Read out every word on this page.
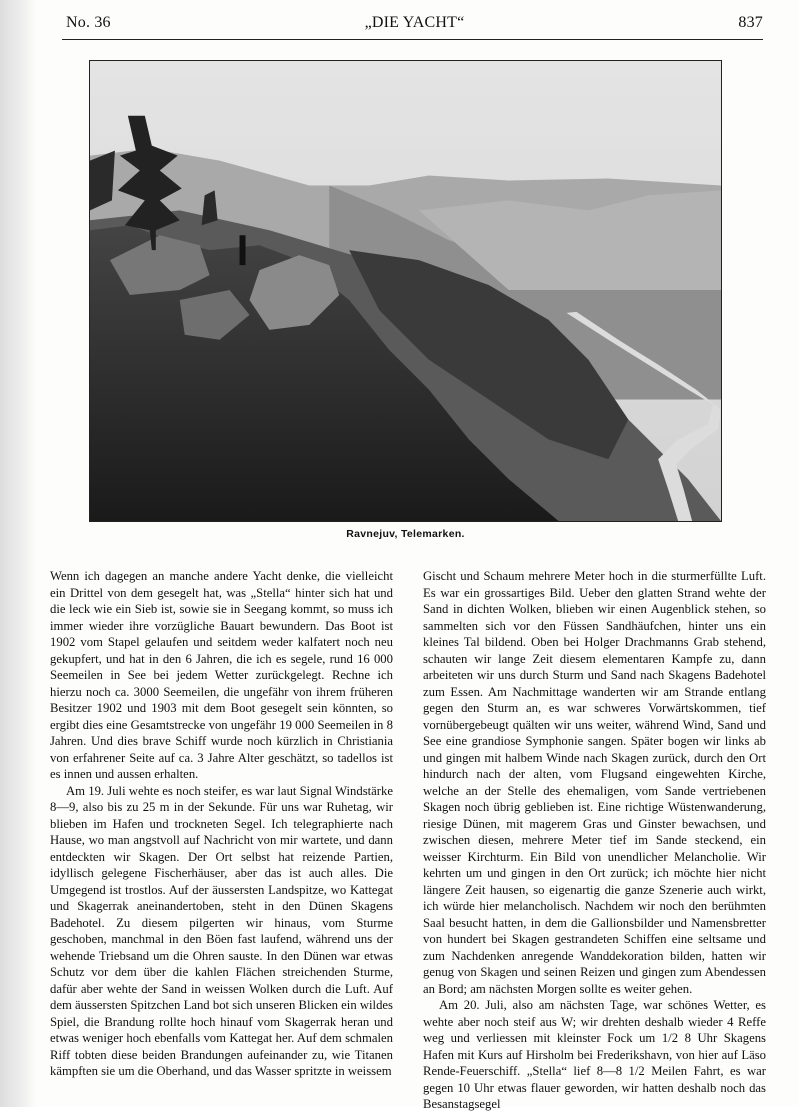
No. 36	„DIE YACHT“	837
Ravnejuv, Telemarken.

Wenn ich dagegen an manche andere Yacht denke, die vielleicht ein Drittel von dem gesegelt hat, was „Stella“ hinter sich hat und die leck wie ein Sieb ist, sowie sie in Seegang kommt, so muss ich immer wieder ihre vorzügliche Bauart bewundern. Das Boot ist 1902 vom Stapel gelaufen und seitdem weder kalfatert noch neu gekupfert, und hat in den 6 Jahren, die ich es segele, rund 16 000 Seemeilen in See bei jedem Wetter zurückgelegt. Rechne ich hierzu noch ca. 3000 Seemeilen, die ungefähr von ihrem früheren Besitzer 1902 und 1903 mit dem Boot gesegelt sein könnten, so ergibt dies eine Gesamtstrecke von ungefähr 19 000 Seemeilen in 8 Jahren. Und dies brave Schiff wurde noch kürzlich in Christiania von erfahrener Seite auf ca. 3 Jahre Alter geschätzt, so tadellos ist es innen und aussen erhalten.

Am 19. Juli wehte es noch steifer, es war laut Signal Windstärke 8—9, also bis zu 25 m in der Sekunde. Für uns war Ruhetag, wir blieben im Hafen und trockneten Segel. Ich telegraphierte nach Hause, wo man angstvoll auf Nachricht von mir wartete, und dann entdeckten wir Skagen. Der Ort selbst hat reizende Partien, idyllisch gelegene Fischerhäuser, aber das ist auch alles. Die Umgegend ist trostlos. Auf der äussersten Landspitze, wo Kattegat und Skagerrak aneinandertoben, steht in den Dünen Skagens Badehotel. Zu diesem pilgerten wir hinaus, vom Sturme geschoben, manchmal in den Böen fast laufend, während uns der wehende Triebsand um die Ohren sauste. In den Dünen war etwas Schutz vor dem über die kahlen Flächen streichenden Sturme, dafür aber wehte der Sand in weissen Wolken durch die Luft. Auf dem äussersten Spitzchen Land bot sich unseren Blicken ein wildes Spiel, die Brandung rollte hoch hinauf vom Skagerrak heran und etwas weniger hoch ebenfalls vom Kattegat her. Auf dem schmalen Riff tobten diese beiden Brandungen aufeinander zu, wie Titanen kämpften sie um die Oberhand, und das Wasser spritzte in weissem

Gischt und Schaum mehrere Meter hoch in die sturmerfüllte Luft. Es war ein grossartiges Bild. Ueber den glatten Strand wehte der Sand in dichten Wolken, blieben wir einen Augenblick stehen, so sammelten sich vor den Füssen Sandhäufchen, hinter uns ein kleines Tal bildend. Oben bei Holger Drachmanns Grab stehend, schauten wir lange Zeit diesem elementaren Kampfe zu, dann arbeiteten wir uns durch Sturm und Sand nach Skagens Badehotel zum Essen. Am Nachmittage wanderten wir am Strande entlang gegen den Sturm an, es war schweres Vorwärtskommen, tief vornübergebeugt quälten wir uns weiter, während Wind, Sand und See eine grandiose Symphonie sangen. Später bogen wir links ab und gingen mit halbem Winde nach Skagen zurück, durch den Ort hindurch nach der alten, vom Flugsand eingewehten Kirche, welche an der Stelle des ehemaligen, vom Sande vertriebenen Skagen noch übrig geblieben ist. Eine richtige Wüstenwanderung, riesige Dünen, mit magerem Gras und Ginster bewachsen, und zwischen diesen, mehrere Meter tief im Sande steckend, ein weisser Kirchturm. Ein Bild von unendlicher Melancholie. Wir kehrten um und gingen in den Ort zurück; ich möchte hier nicht längere Zeit hausen, so eigenartig die ganze Szenerie auch wirkt, ich würde hier melancholisch. Nachdem wir noch den berühmten Saal besucht hatten, in dem die Gallionsbilder und Namensbretter von hundert bei Skagen gestrandeten Schiffen eine seltsame und zum Nachdenken anregende Wanddekoration bilden, hatten wir genug von Skagen und seinen Reizen und gingen zum Abendessen an Bord; am nächsten Morgen sollte es weiter gehen.

Am 20. Juli, also am nächsten Tage, war schönes Wetter, es wehte aber noch steif aus W; wir drehten deshalb wieder 4 Reffe weg und verliessen mit kleinster Fock um 1/2 8 Uhr Skagens Hafen mit Kurs auf Hirsholm bei Frederikshavn, von hier auf Läso Rende-Feuerschiff. „Stella“ lief 8—8 1/2 Meilen Fahrt, es war gegen 10 Uhr etwas flauer geworden, wir hatten deshalb noch das Besanstagsegel
